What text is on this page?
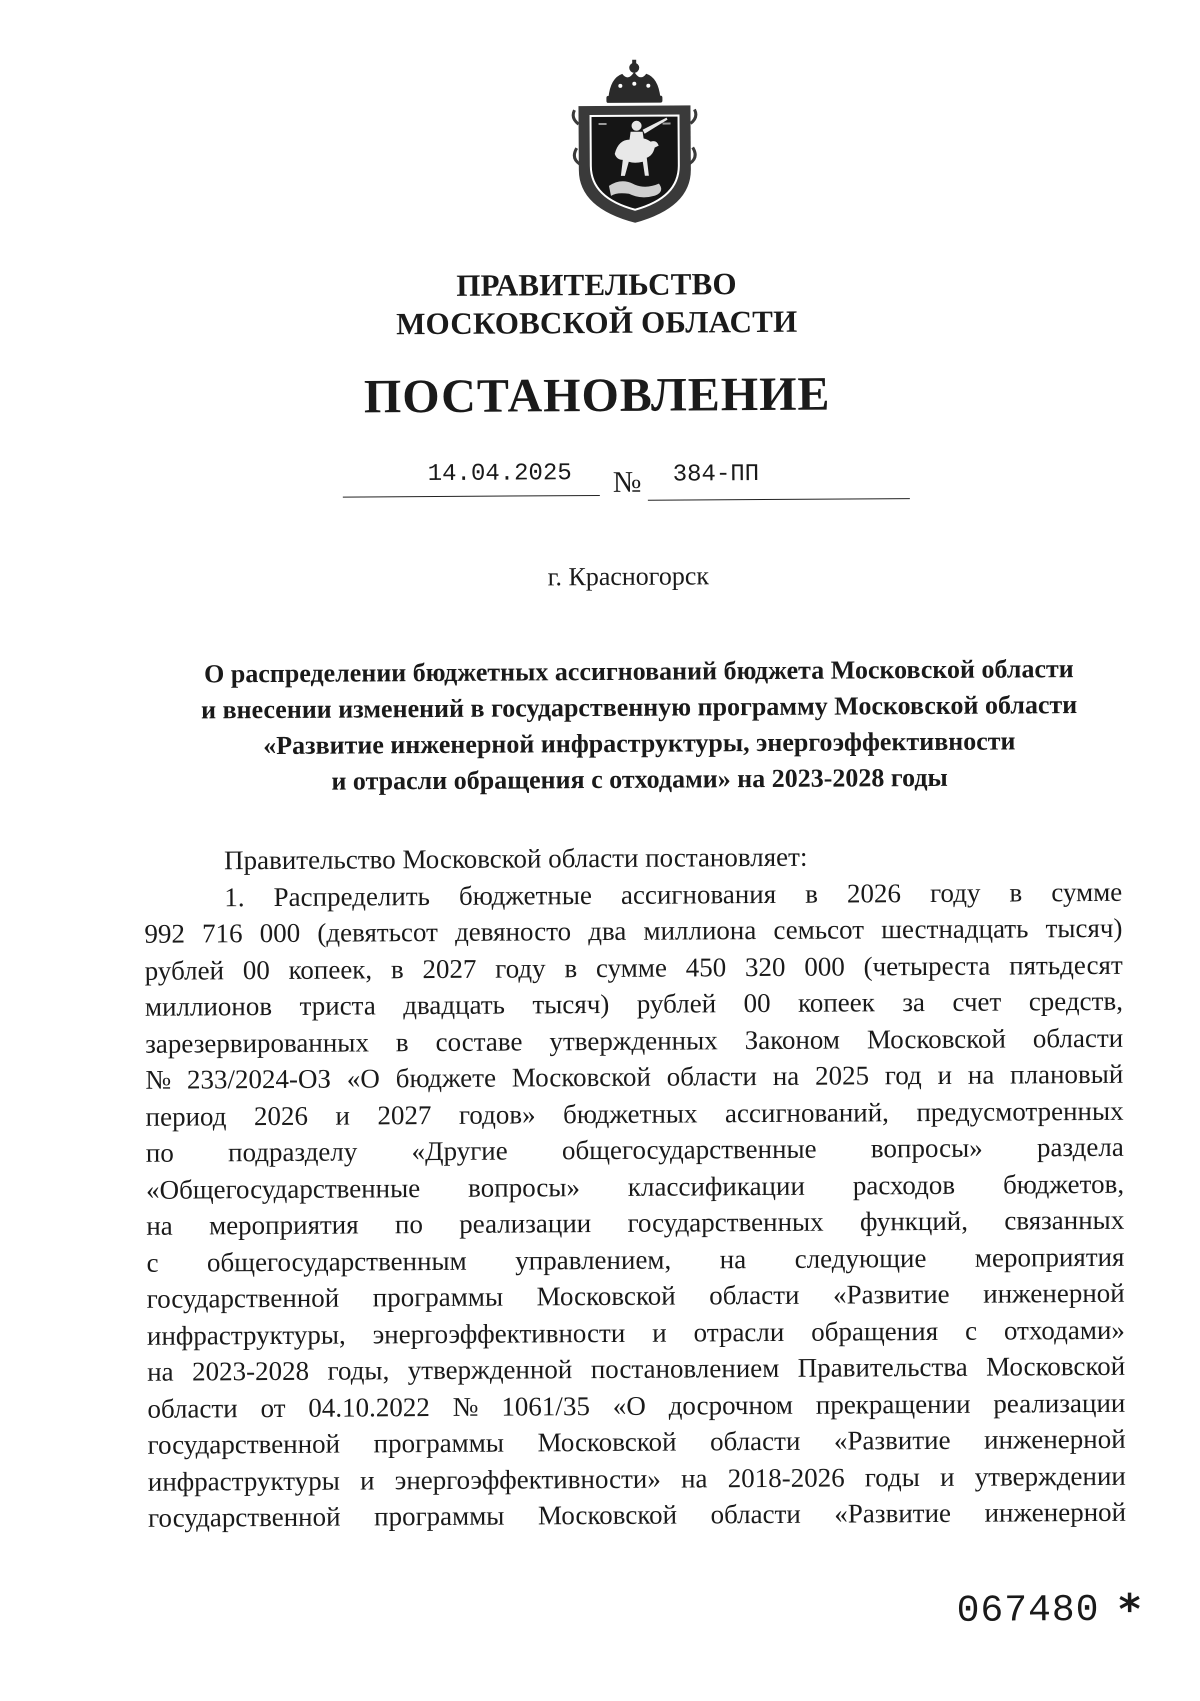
ПРАВИТЕЛЬСТВО
МОСКОВСКОЙ ОБЛАСТИ
ПОСТАНОВЛЕНИЕ
14.04.2025 № 384-ПП
г. Красногорск
О распределении бюджетных ассигнований бюджета Московской области
и внесении изменений в государственную программу Московской области
«Развитие инженерной инфраструктуры, энергоэффективности
и отрасли обращения с отходами» на 2023-2028 годы
Правительство Московской области постановляет:
1. Распределить бюджетные ассигнования в 2026 году в сумме
992 716 000 (девятьсот девяносто два миллиона семьсот шестнадцать тысяч)
рублей 00 копеек, в 2027 году в сумме 450 320 000 (четыреста пятьдесят
миллионов триста двадцать тысяч) рублей 00 копеек за счет средств,
зарезервированных в составе утвержденных Законом Московской области
№ 233/2024-ОЗ «О бюджете Московской области на 2025 год и на плановый
период 2026 и 2027 годов» бюджетных ассигнований, предусмотренных
по подразделу «Другие общегосударственные вопросы» раздела
«Общегосударственные вопросы» классификации расходов бюджетов,
на мероприятия по реализации государственных функций, связанных
с общегосударственным управлением, на следующие мероприятия
государственной программы Московской области «Развитие инженерной
инфраструктуры, энергоэффективности и отрасли обращения с отходами»
на 2023-2028 годы, утвержденной постановлением Правительства Московской
области от 04.10.2022 № 1061/35 «О досрочном прекращении реализации
государственной программы Московской области «Развитие инженерной
инфраструктуры и энергоэффективности» на 2018-2026 годы и утверждении
государственной программы Московской области «Развитие инженерной
067480 *
